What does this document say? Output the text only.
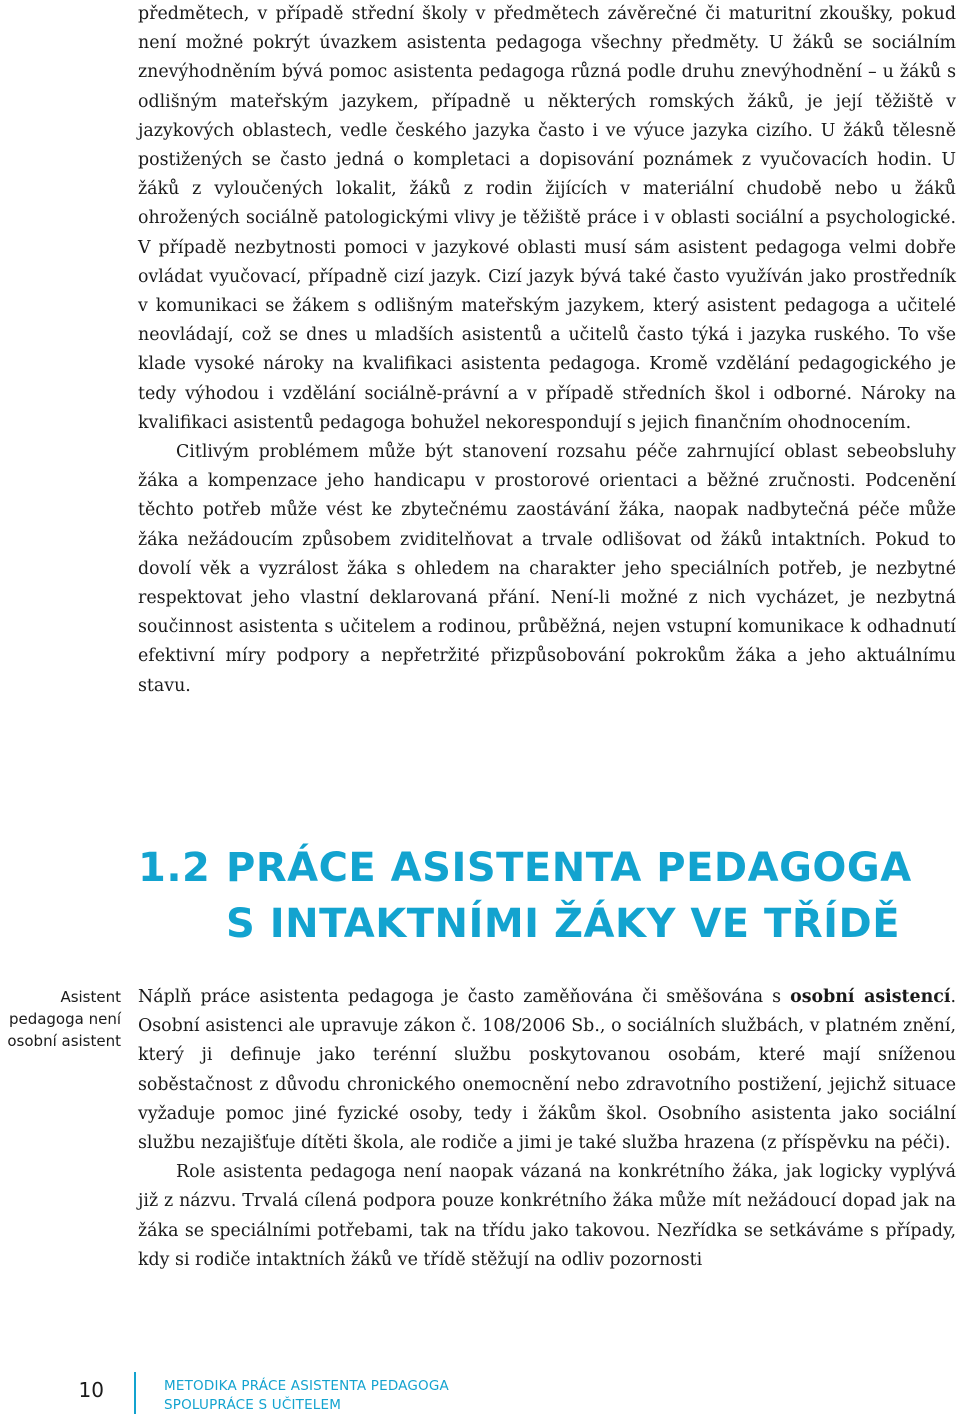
předmětech, v případě střední školy v předmětech závěrečné či maturitní zkoušky, pokud není možné pokrýt úvazkem asistenta pedagoga všechny předměty. U žáků se sociálním znevýhodněním bývá pomoc asistenta pedagoga různá podle druhu znevýhodnění – u žáků s odlišným mateřským jazykem, případně u některých romských žáků, je její těžiště v jazykových oblastech, vedle českého jazyka často i ve výuce jazyka cizího. U žáků tělesně postižených se často jedná o kompletaci a dopisování poznámek z vyučovacích hodin. U žáků z vyloučených lokalit, žáků z rodin žijících v materiální chudobě nebo u žáků ohrožených sociálně patologickými vlivy je těžiště práce i v oblasti sociální a psychologické. V případě nezbytnosti pomoci v jazykové oblasti musí sám asistent pedagoga velmi dobře ovládat vyučovací, případně cizí jazyk. Cizí jazyk bývá také často využíván jako prostředník v komunikaci se žákem s odlišným mateřským jazykem, který asistent pedagoga a učitelé neovládají, což se dnes u mladších asistentů a učitelů často týká i jazyka ruského. To vše klade vysoké nároky na kvalifikaci asistenta pedagoga. Kromě vzdělání pedagogického je tedy výhodou i vzdělání sociálně-právní a v případě středních škol i odborné. Nároky na kvalifikaci asistentů pedagoga bohužel nekorespondují s jejich finančním ohodnocením.

Citlivým problémem může být stanovení rozsahu péče zahrnující oblast sebeobsluhy žáka a kompenzace jeho handicapu v prostorové orientaci a běžné zručnosti. Podcenění těchto potřeb může vést ke zbytečnému zaostávání žáka, naopak nadbytečná péče může žáka nežádoucím způsobem zviditelňovat a trvale odlišovat od žáků intaktních. Pokud to dovolí věk a vyzrálost žáka s ohledem na charakter jeho speciálních potřeb, je nezbytné respektovat jeho vlastní deklarovaná přání. Není-li možné z nich vycházet, je nezbytná součinnost asistenta s učitelem a rodinou, průběžná, nejen vstupní komunikace k odhadnutí efektivní míry podpory a nepřetržité přizpůsobování pokrokům žáka a jeho aktuálnímu stavu.

1.2 PRÁCE ASISTENTA PEDAGOGA
S INTAKTNÍMI ŽÁKY VE TŘÍDĚ
Asistent
pedagoga není
osobní asistent

Náplň práce asistenta pedagoga je často zaměňována či směšována s osobní asistencí. Osobní asistenci ale upravuje zákon č. 108/2006 Sb., o sociálních službách, v platném znění, který ji definuje jako terénní službu poskytovanou osobám, které mají sníženou soběstačnost z důvodu chronického onemocnění nebo zdravotního postižení, jejichž situace vyžaduje pomoc jiné fyzické osoby, tedy i žákům škol. Osobního asistenta jako sociální službu nezajišťuje dítěti škola, ale rodiče a jimi je také služba hrazena (z příspěvku na péči).

Role asistenta pedagoga není naopak vázaná na konkrétního žáka, jak logicky vyplývá již z názvu. Trvalá cílená podpora pouze konkrétního žáka může mít nežádoucí dopad jak na žáka se speciálními potřebami, tak na třídu jako takovou. Nezřídka se setkáváme s případy, kdy si rodiče intaktních žáků ve třídě stěžují na odliv pozornosti

10	METODIKA PRÁCE ASISTENTA PEDAGOGA
SPOLUPRÁCE S UČITELEM
